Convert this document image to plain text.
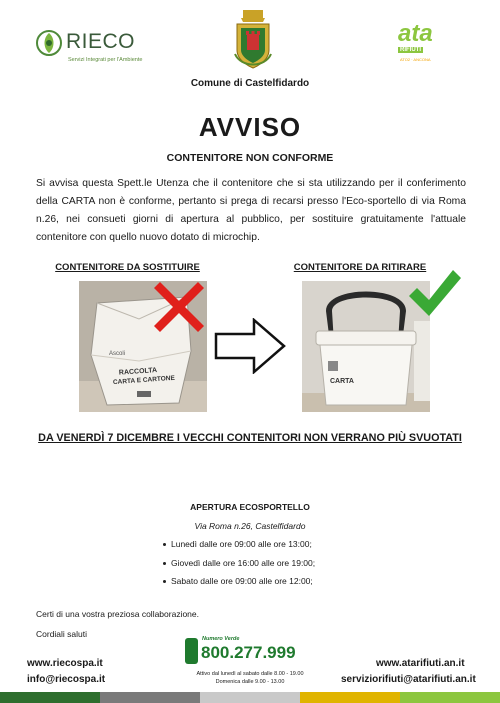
RIECO
Servizi Integrati per l'Ambiente
Comune di Castelfidardo
ata
RIFIUTI
ATO2 · ANCONA
AVVISO
CONTENITORE NON CONFORME
Si avvisa questa Spett.le Utenza che il contenitore che si sta utilizzando per il conferimento della CARTA non è conforme, pertanto si prega di recarsi presso l'Eco-sportello di via Roma n.26, nei consueti giorni di apertura al pubblico, per sostituire gratuitamente l'attuale contenitore con quello nuovo dotato di microchip.
CONTENITORE DA SOSTITUIRE	CONTENITORE DA RITIRARE
Ascoli
RACCOLTA
CARTA E CARTONE	CARTA
DA VENERDÌ 7 DICEMBRE I VECCHI CONTENITORI NON VERRANO PIÙ SVUOTATI
APERTURA ECOSPORTELLO
Via Roma n.26, Castelfidardo
Lunedì dalle ore 09:00 alle ore 13:00;
Giovedì dalle ore 16:00 alle ore 19:00;
Sabato dalle ore 09:00 alle ore 12:00;
Certi di una vostra preziosa collaborazione.
Cordiali saluti
www.riecospa.it
info@riecospa.it
Numero Verde
800.277.999
Attivo dal lunedì al sabato dalle 8.00 - 19.00
Domenica dalle 9.00 - 13.00
www.atarifiuti.an.it
serviziorifiuti@atarifiuti.an.it
